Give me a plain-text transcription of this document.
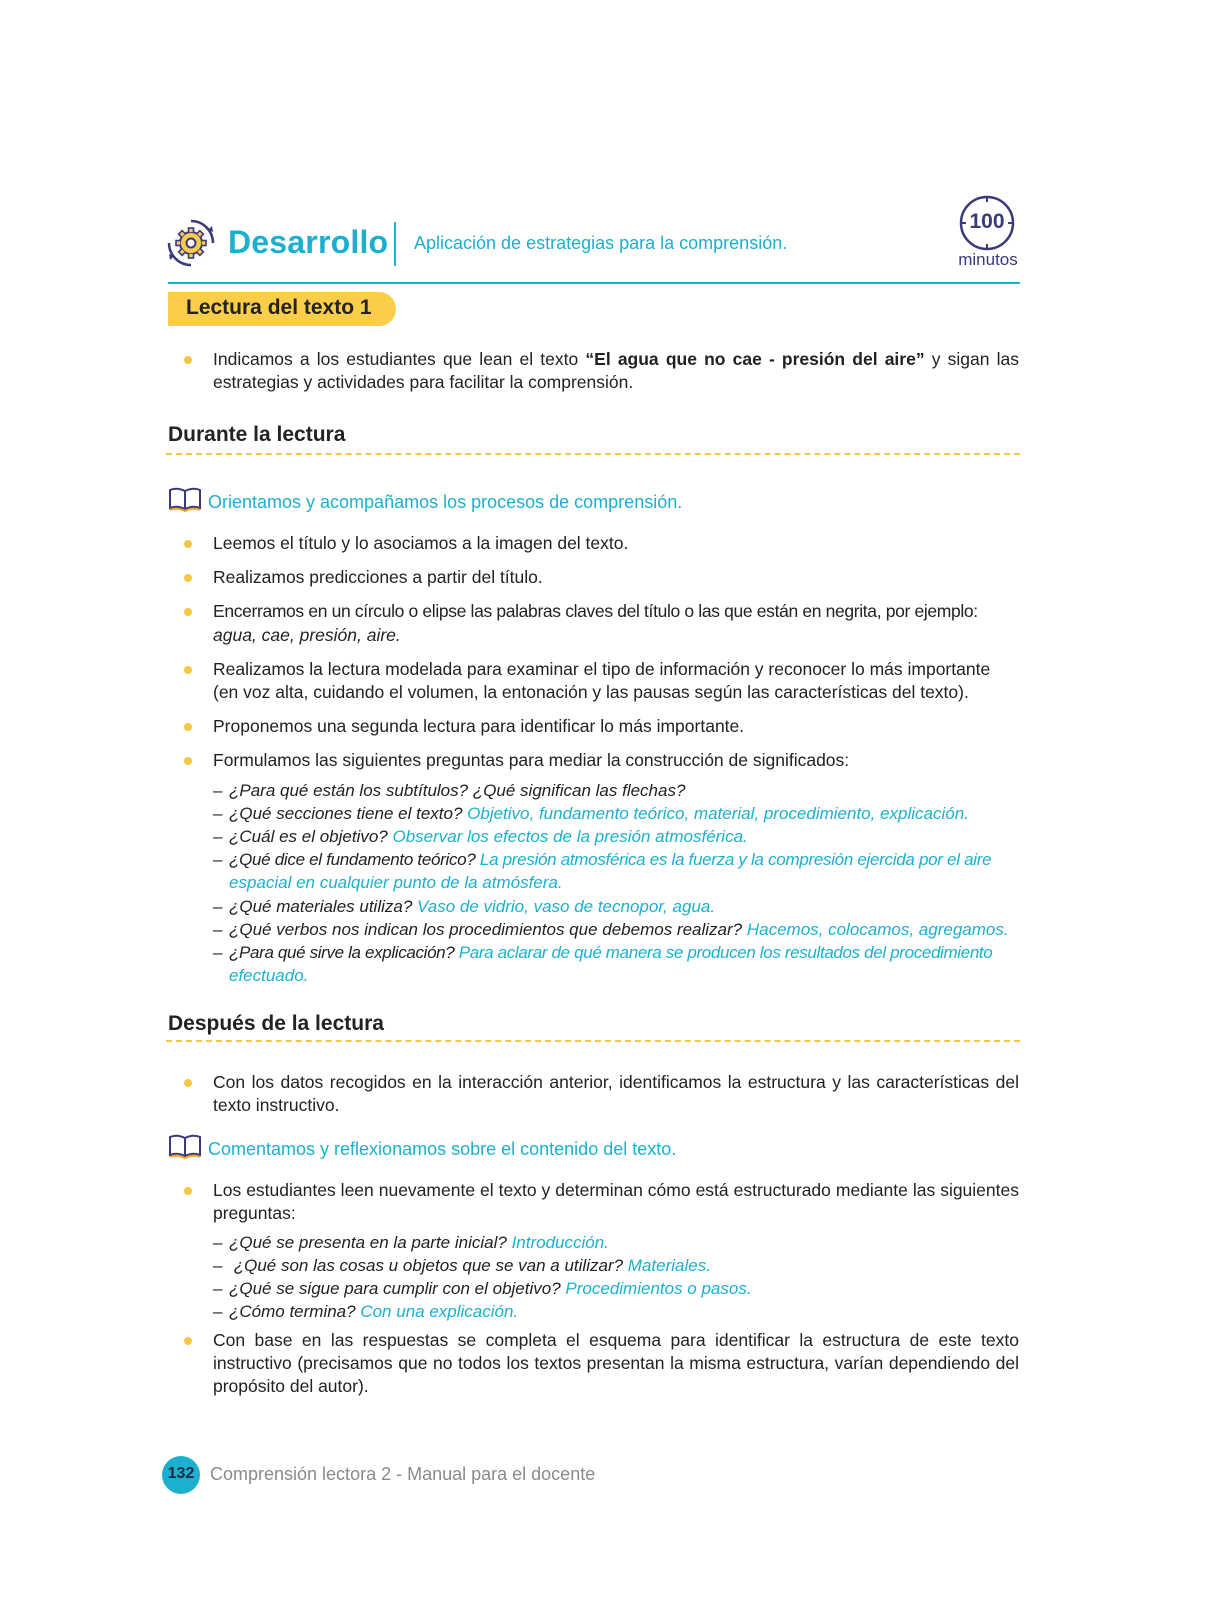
Desarrollo Aplicación de estrategias para la comprensión.
100
minutos
Lectura del texto 1
Indicamos a los estudiantes que lean el texto “El agua que no cae - presión del aire” y sigan las estrategias y actividades para facilitar la comprensión.
Durante la lectura
Orientamos y acompañamos los procesos de comprensión.
Leemos el título y lo asociamos a la imagen del texto.
Realizamos predicciones a partir del título.
Encerramos en un círculo o elipse las palabras claves del título o las que están en negrita, por ejemplo:
agua, cae, presión, aire.
Realizamos la lectura modelada para examinar el tipo de información y reconocer lo más importante (en voz alta, cuidando el volumen, la entonación y las pausas según las características del texto).
Proponemos una segunda lectura para identificar lo más importante.
Formulamos las siguientes preguntas para mediar la construcción de significados:
– ¿Para qué están los subtítulos? ¿Qué significan las flechas?
– ¿Qué secciones tiene el texto? Objetivo, fundamento teórico, material, procedimiento, explicación.
– ¿Cuál es el objetivo? Observar los efectos de la presión atmosférica.
– ¿Qué dice el fundamento teórico? La presión atmosférica es la fuerza y la compresión ejercida por el aire
espacial en cualquier punto de la atmósfera.
– ¿Qué materiales utiliza? Vaso de vidrio, vaso de tecnopor, agua.
– ¿Qué verbos nos indican los procedimientos que debemos realizar? Hacemos, colocamos, agregamos.
– ¿Para qué sirve la explicación? Para aclarar de qué manera se producen los resultados del procedimiento
efectuado.
Después de la lectura
Con los datos recogidos en la interacción anterior, identificamos la estructura y las características del texto instructivo.
Comentamos y reflexionamos sobre el contenido del texto.
Los estudiantes leen nuevamente el texto y determinan cómo está estructurado mediante las siguientes preguntas:
– ¿Qué se presenta en la parte inicial? Introducción.
– ¿Qué son las cosas u objetos que se van a utilizar? Materiales.
– ¿Qué se sigue para cumplir con el objetivo? Procedimientos o pasos.
– ¿Cómo termina? Con una explicación.
Con base en las respuestas se completa el esquema para identificar la estructura de este texto instructivo (precisamos que no todos los textos presentan la misma estructura, varían dependiendo del propósito del autor).
132 Comprensión lectora 2 - Manual para el docente
